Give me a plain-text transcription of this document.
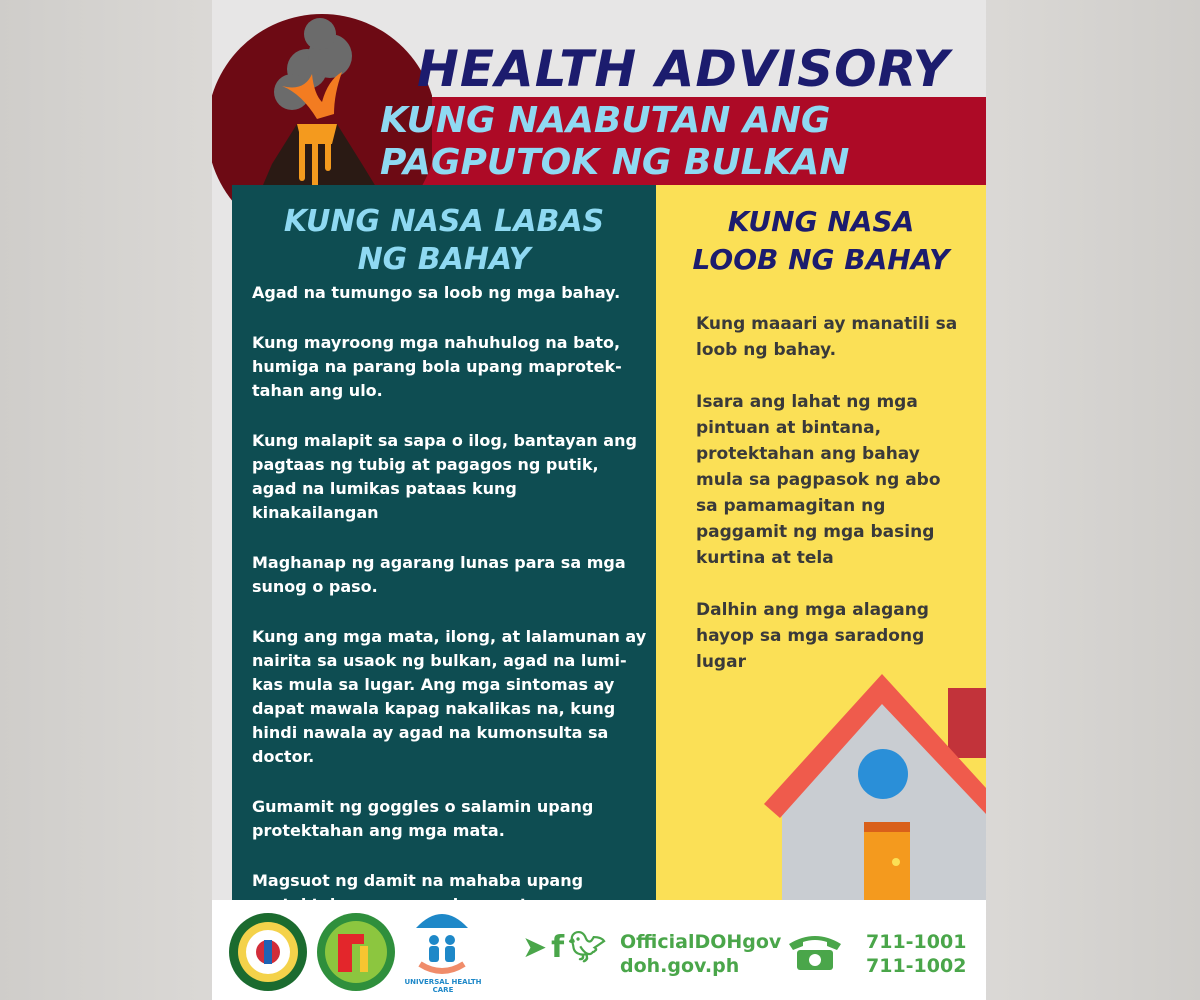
HEALTH ADVISORY
KUNG NAABUTAN ANG
PAGPUTOK NG BULKAN
KUNG NASA LABAS
NG BAHAY
Agad na tumungo sa loob ng mga bahay.
Kung mayroong mga nahuhulog na bato, humiga na parang bola upang maprotek-tahan ang ulo.
Kung malapit sa sapa o ilog, bantayan ang pagtaas ng tubig at pagagos ng putik, agad na lumikas pataas kung kinakailangan
Maghanap ng agarang lunas para sa mga sunog o paso.
Kung ang mga mata, ilong, at lalamunan ay nairita sa usaok ng bulkan, agad na lumi-kas mula sa lugar. Ang mga sintomas ay dapat mawala kapag nakalikas na, kung hindi nawala ay agad na kumonsulta sa doctor.
Gumamit ng goggles o salamin upang protektahan ang mga mata.
Magsuot ng damit na mahaba upang
KUNG NASA
LOOB NG BAHAY
Kung maaari ay manatili sa loob ng bahay.
Isara ang lahat ng mga pintuan at bintana, protektahan ang bahay mula sa pagpasok ng abo sa pamamagitan ng paggamit ng mga basing kurtina at tela
Dalhin ang mga alagang hayop sa mga saradong lugar
UNIVERSAL HEALTH CARE
➤ f 🐦︎ OfficialDOHgov
doh.gov.ph
711-1001
711-1002
